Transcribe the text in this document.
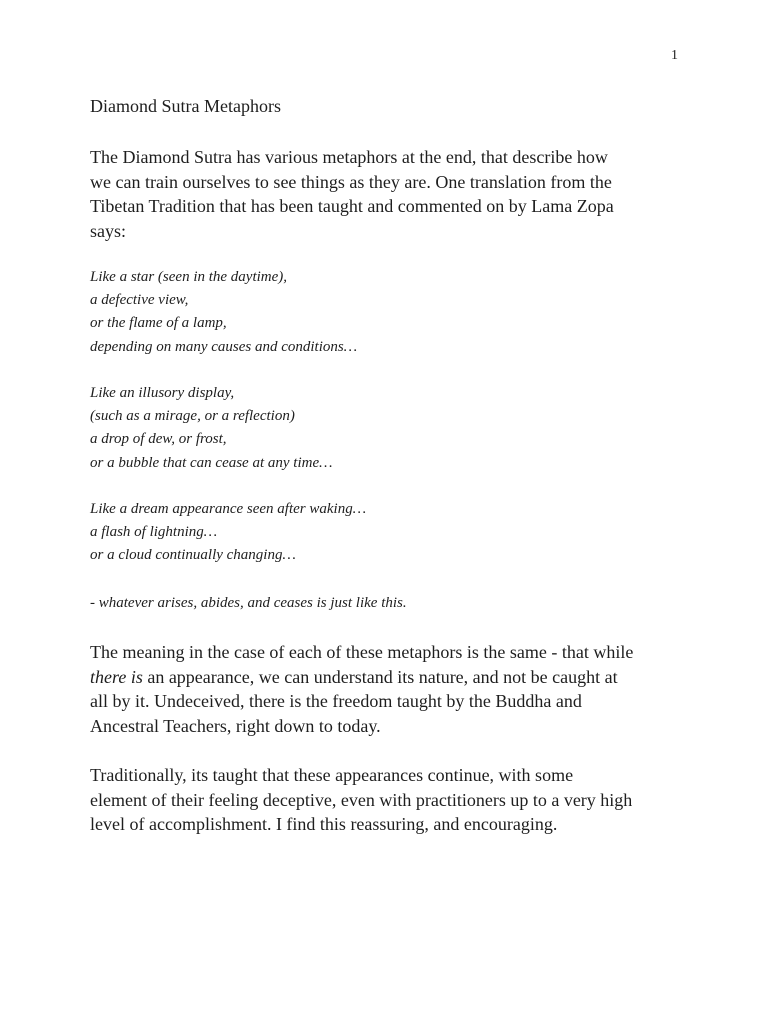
1
Diamond Sutra Metaphors

The Diamond Sutra has various metaphors at the end, that describe how
we can train ourselves to see things as they are. One translation from the
Tibetan Tradition that has been taught and commented on by Lama Zopa
says:

Like a star (seen in the daytime),
a defective view,
or the flame of a lamp,
depending on many causes and conditions…
Like an illusory display,
(such as a mirage, or a reflection)
a drop of dew, or frost,
or a bubble that can cease at any time…
Like a dream appearance seen after waking…
a flash of lightning…
or a cloud continually changing…
- whatever arises, abides, and ceases is just like this.

The meaning in the case of each of these metaphors is the same - that while
there is an appearance, we can understand its nature, and not be caught at
all by it. Undeceived, there is the freedom taught by the Buddha and
Ancestral Teachers, right down to today.

Traditionally, its taught that these appearances continue, with some
element of their feeling deceptive, even with practitioners up to a very high
level of accomplishment. I find this reassuring, and encouraging.
